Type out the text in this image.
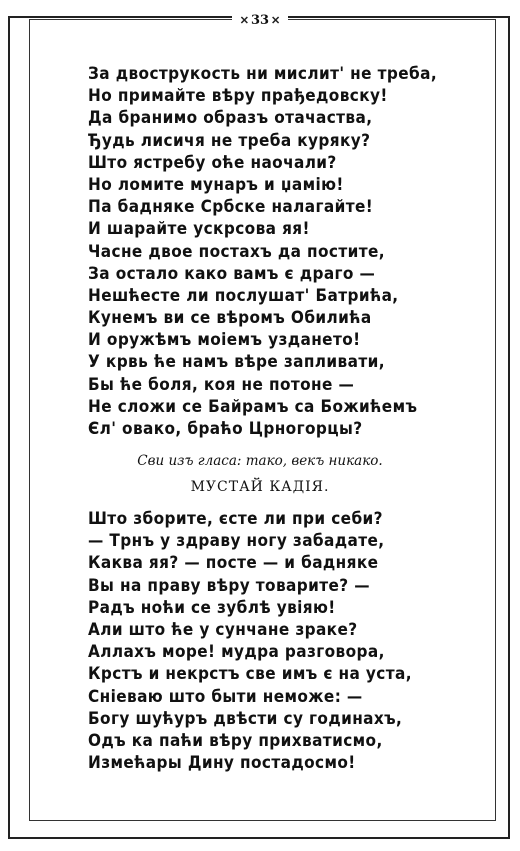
✕ 33 ✕
За двострукость ни мислит' не треба,
Но примайте вѣру прађедовску!
Да бранимо образъ отачаства,
Ђудь лисичя не треба куряку?
Што ястребу оће наочали?
Но ломите мунаръ и џамію!
Па бадняке Србске налагайте!
И шарайте ускрсова яя!
Часне двое постахъ да постите,
За остало како вамъ є драго —
Нешћесте ли послушат' Батрића,
Кунемъ ви се вѣромъ Обилића
И оружѣмъ моіемъ уздането!
У крвь ће намъ вѣре запливати,
Бы ће боля, коя не потоне —
Не сложи се Байрамъ са Божићемъ
Єл' овако, браћо Црногорцы?
Сви изъ гласа: тако, векъ никако.
МУСТАЙ КАДІЯ.
Што зборите, єсте ли при себи?
— Трнъ у здраву ногу забадате,
Каква яя? — посте — и бадняке
Вы на праву вѣру товарите? —
Радъ ноћи се зублѣ увіяю!
Али што ће у сунчане зраке?
Аллахъ море! мудра разговора,
Крстъ и некрстъ све имъ є на уста,
Сніеваю што быти неможе: —
Богу шућуръ двѣсти су годинахъ,
Одъ ка паћи вѣру прихватисмо,
Измећары Дину постадосмо!
